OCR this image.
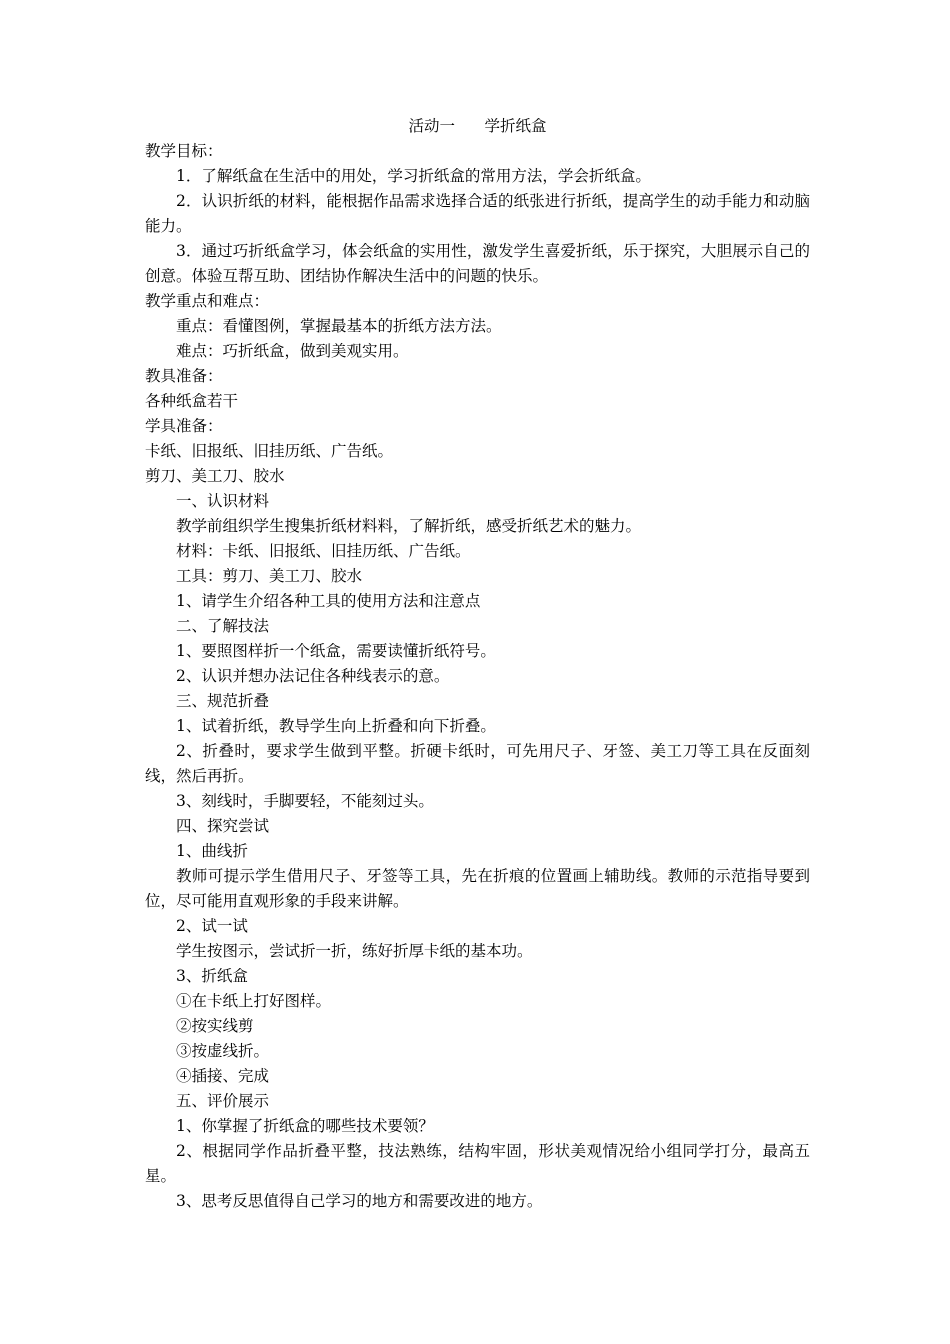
活动一      学折纸盒

教学目标：

1．了解纸盒在生活中的用处，学习折纸盒的常用方法，学会折纸盒。

2．认识折纸的材料，能根据作品需求选择合适的纸张进行折纸，提高学生的动手能力和动脑能力。

3．通过巧折纸盒学习，体会纸盒的实用性，激发学生喜爱折纸，乐于探究，大胆展示自己的创意。体验互帮互助、团结协作解决生活中的问题的快乐。

教学重点和难点：

重点：看懂图例，掌握最基本的折纸方法方法。

难点：巧折纸盒，做到美观实用。

教具准备：

各种纸盒若干

学具准备：

卡纸、旧报纸、旧挂历纸、广告纸。

剪刀、美工刀、胶水

一、认识材料

教学前组织学生搜集折纸材料料，了解折纸，感受折纸艺术的魅力。

材料：卡纸、旧报纸、旧挂历纸、广告纸。

工具：剪刀、美工刀、胶水

1、请学生介绍各种工具的使用方法和注意点

二、了解技法

1、要照图样折一个纸盒，需要读懂折纸符号。

2、认识并想办法记住各种线表示的意。

三、规范折叠

1、试着折纸，教导学生向上折叠和向下折叠。

2、折叠时，要求学生做到平整。折硬卡纸时，可先用尺子、牙签、美工刀等工具在反面刻线，然后再折。

3、刻线时，手脚要轻，不能刻过头。

四、探究尝试

1、曲线折

教师可提示学生借用尺子、牙签等工具，先在折痕的位置画上辅助线。教师的示范指导要到位，尽可能用直观形象的手段来讲解。

2、试一试

学生按图示，尝试折一折，练好折厚卡纸的基本功。

3、折纸盒

①在卡纸上打好图样。

②按实线剪

③按虚线折。

④插接、完成

五、评价展示

1、你掌握了折纸盒的哪些技术要领？

2、根据同学作品折叠平整，技法熟练，结构牢固，形状美观情况给小组同学打分，最高五星。

3、思考反思值得自己学习的地方和需要改进的地方。
